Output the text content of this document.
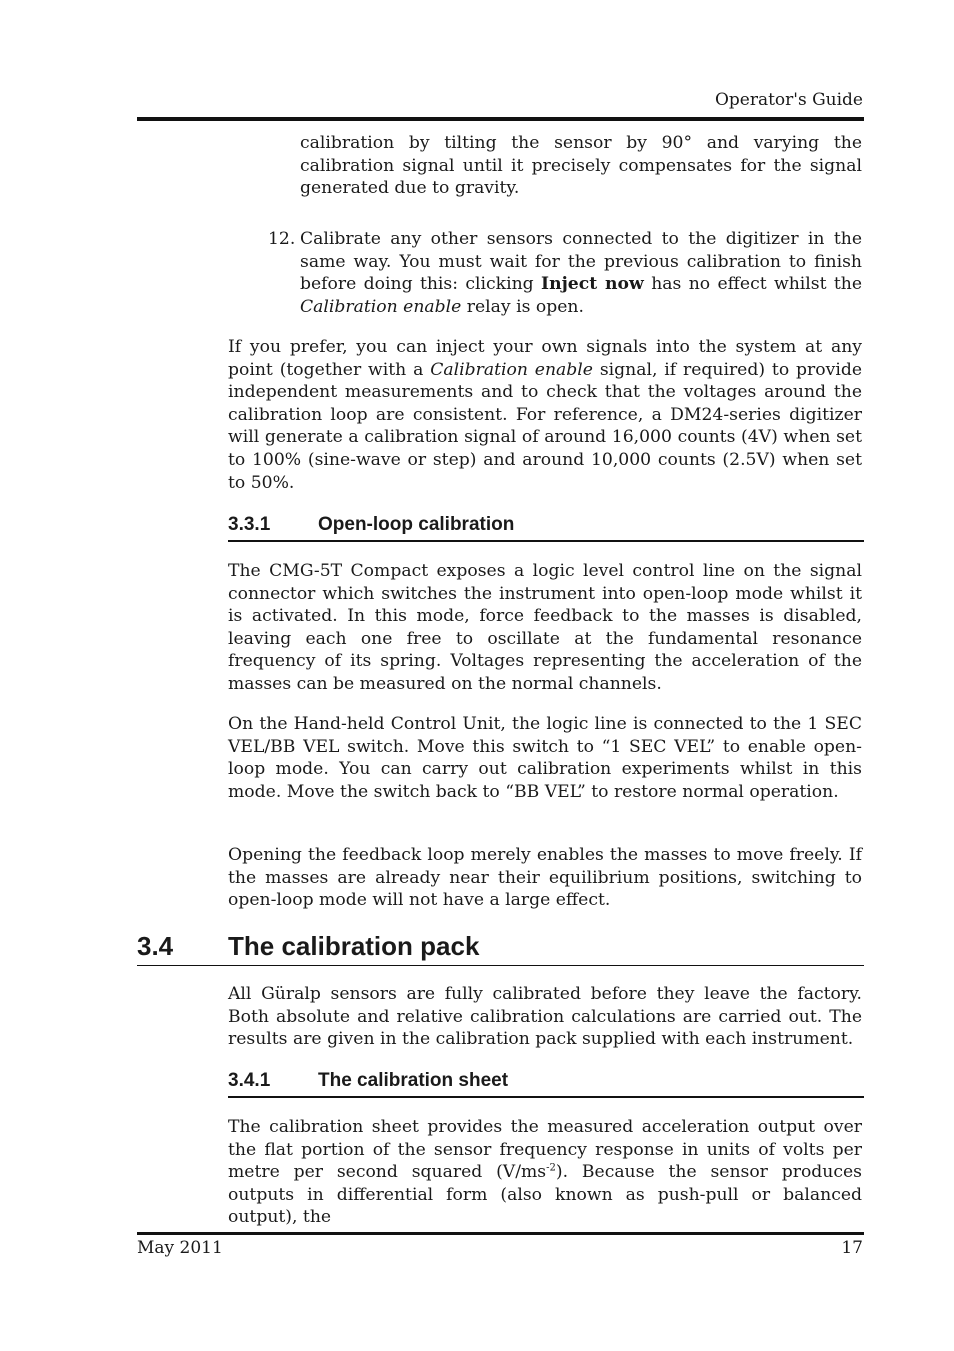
Operator's Guide

calibration by tilting the sensor by 90° and varying the calibration signal until it precisely compensates for the signal generated due to gravity.

12. Calibrate any other sensors connected to the digitizer in the same way. You must wait for the previous calibration to finish before doing this: clicking Inject now has no effect whilst the Calibration enable relay is open.

If you prefer, you can inject your own signals into the system at any point (together with a Calibration enable signal, if required) to provide independent measurements and to check that the voltages around the calibration loop are consistent. For reference, a DM24-series digitizer will generate a calibration signal of around 16,000 counts (4V) when set to 100% (sine-wave or step) and around 10,000 counts (2.5V) when set to 50%.

3.3.1	Open-loop calibration

The CMG-5T Compact exposes a logic level control line on the signal connector which switches the instrument into open-loop mode whilst it is activated. In this mode, force feedback to the masses is disabled, leaving each one free to oscillate at the fundamental resonance frequency of its spring. Voltages representing the acceleration of the masses can be measured on the normal channels.

On the Hand-held Control Unit, the logic line is connected to the 1 SEC VEL/BB VEL switch. Move this switch to “1 SEC VEL” to enable open-loop mode. You can carry out calibration experiments whilst in this mode. Move the switch back to “BB VEL” to restore normal operation.

Opening the feedback loop merely enables the masses to move freely. If the masses are already near their equilibrium positions, switching to open-loop mode will not have a large effect.

3.4 The calibration pack

All Güralp sensors are fully calibrated before they leave the factory. Both absolute and relative calibration calculations are carried out. The results are given in the calibration pack supplied with each instrument.

3.4.1	The calibration sheet

The calibration sheet provides the measured acceleration output over the flat portion of the sensor frequency response in units of volts per metre per second squared $(V/ms^{-2})$. Because the sensor produces outputs in differential form (also known as push-pull or balanced output), the

May 2011	17
